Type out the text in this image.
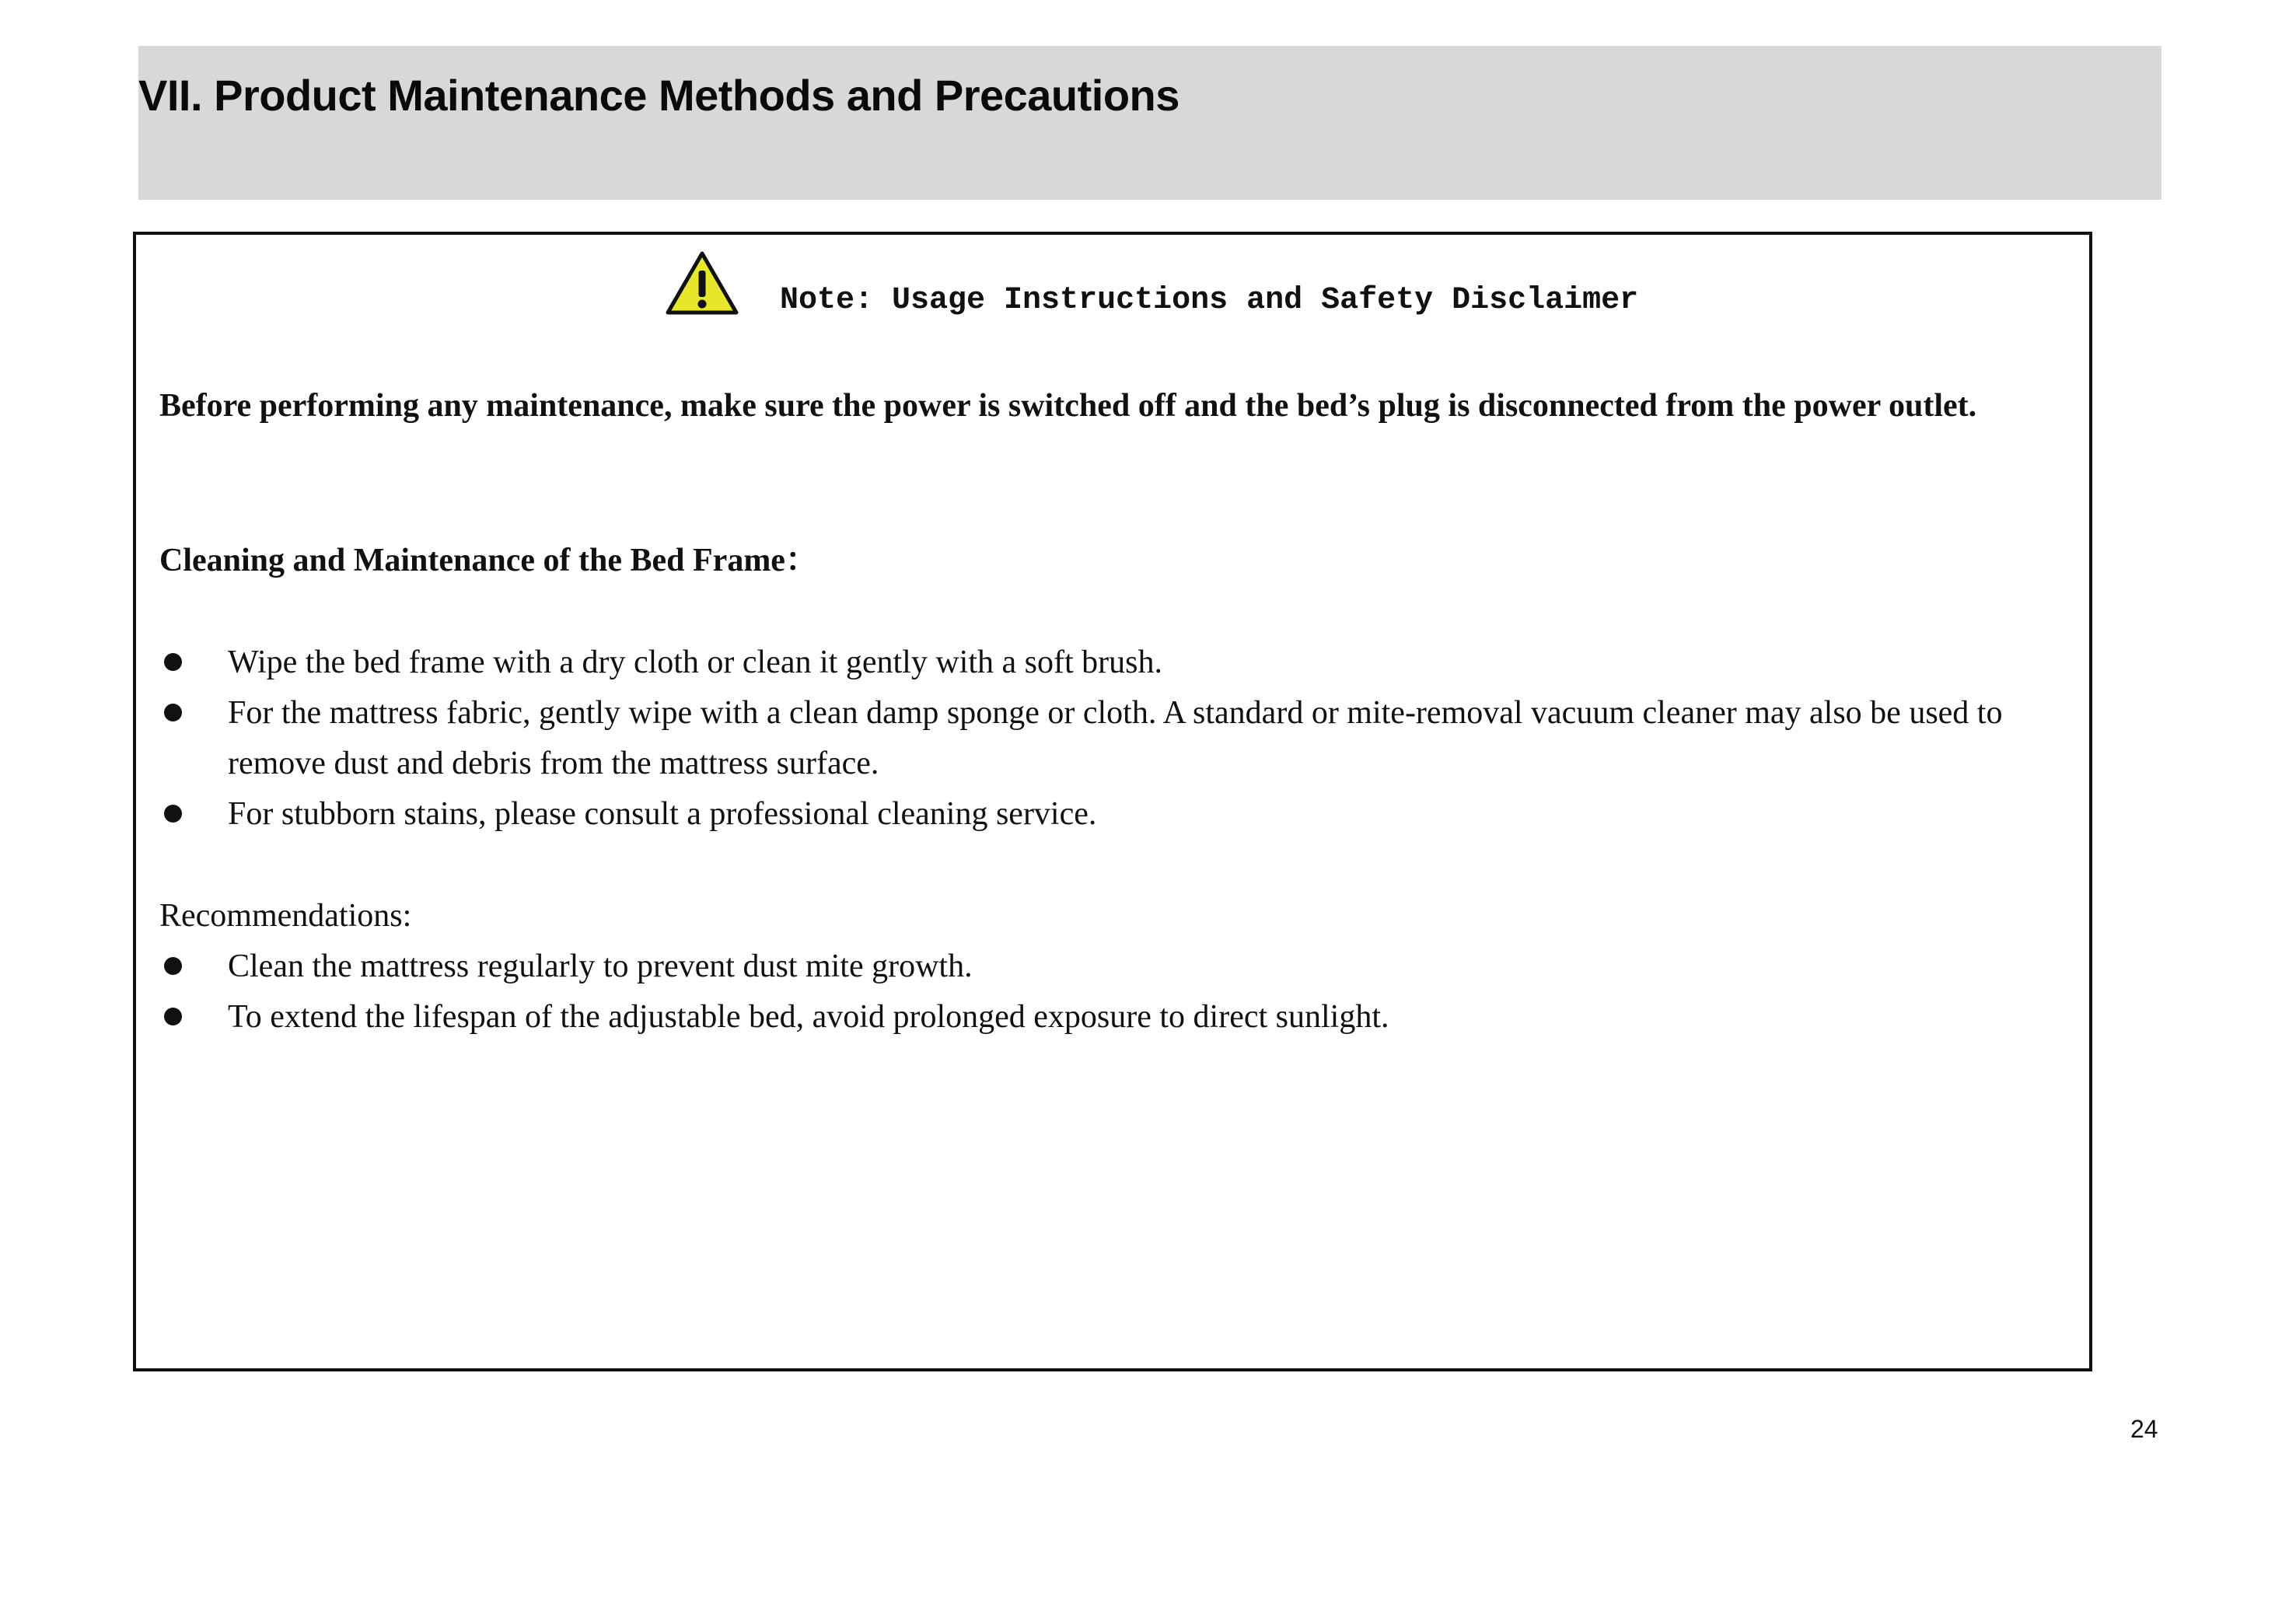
VII. Product Maintenance Methods and Precautions
Note: Usage Instructions and Safety Disclaimer

Before performing any maintenance, make sure the power is switched off and the bed’s plug is disconnected from the power outlet.

Cleaning and Maintenance of the Bed Frame：

Wipe the bed frame with a dry cloth or clean it gently with a soft brush.
For the mattress fabric, gently wipe with a clean damp sponge or cloth. A standard or mite-removal vacuum cleaner may also be used to remove dust and debris from the mattress surface.
For stubborn stains, please consult a professional cleaning service.

Recommendations:

Clean the mattress regularly to prevent dust mite growth.
To extend the lifespan of the adjustable bed, avoid prolonged exposure to direct sunlight.
24
